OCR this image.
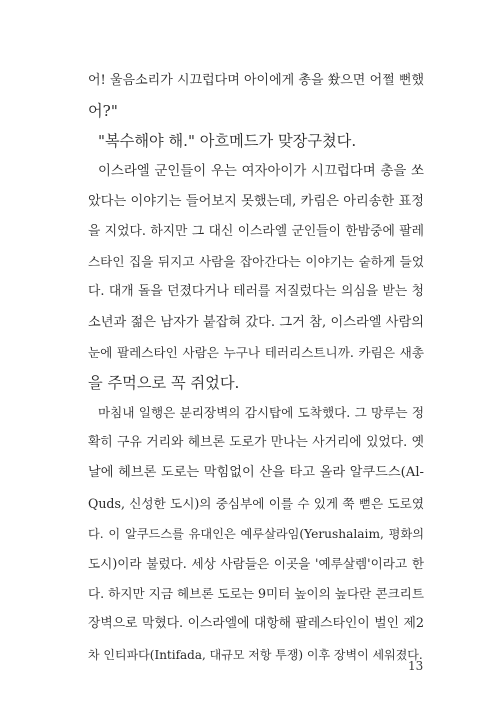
어! 울음소리가 시끄럽다며 아이에게 총을 쐈으면 어쩔 뻔했
어?"
"복수해야 해." 아흐메드가 맞장구쳤다.
이스라엘 군인들이 우는 여자아이가 시끄럽다며 총을 쏘
았다는 이야기는 들어보지 못했는데, 카림은 아리송한 표정
을 지었다. 하지만 그 대신 이스라엘 군인들이 한밤중에 팔레
스타인 집을 뒤지고 사람을 잡아간다는 이야기는 숱하게 들었
다. 대개 돌을 던졌다거나 테러를 저질렀다는 의심을 받는 청
소년과 젊은 남자가 붙잡혀 갔다. 그거 참, 이스라엘 사람의
눈에 팔레스타인 사람은 누구나 테러리스트니까. 카림은 새총
을 주먹으로 꼭 쥐었다.
마침내 일행은 분리장벽의 감시탑에 도착했다. 그 망루는 정
확히 구유 거리와 헤브론 도로가 만나는 사거리에 있었다. 옛
날에 헤브론 도로는 막힘없이 산을 타고 올라 알쿠드스(Al-
Quds, 신성한 도시)의 중심부에 이를 수 있게 쭉 뻗은 도로였
다. 이 알쿠드스를 유대인은 예루살라임(Yerushalaim, 평화의
도시)이라 불렀다. 세상 사람들은 이곳을 '예루살렘'이라고 한
다. 하지만 지금 헤브론 도로는 9미터 높이의 높다란 콘크리트
장벽으로 막혔다. 이스라엘에 대항해 팔레스타인이 벌인 제2
차 인티파다(Intifada, 대규모 저항 투쟁) 이후 장벽이 세워졌다.
13
